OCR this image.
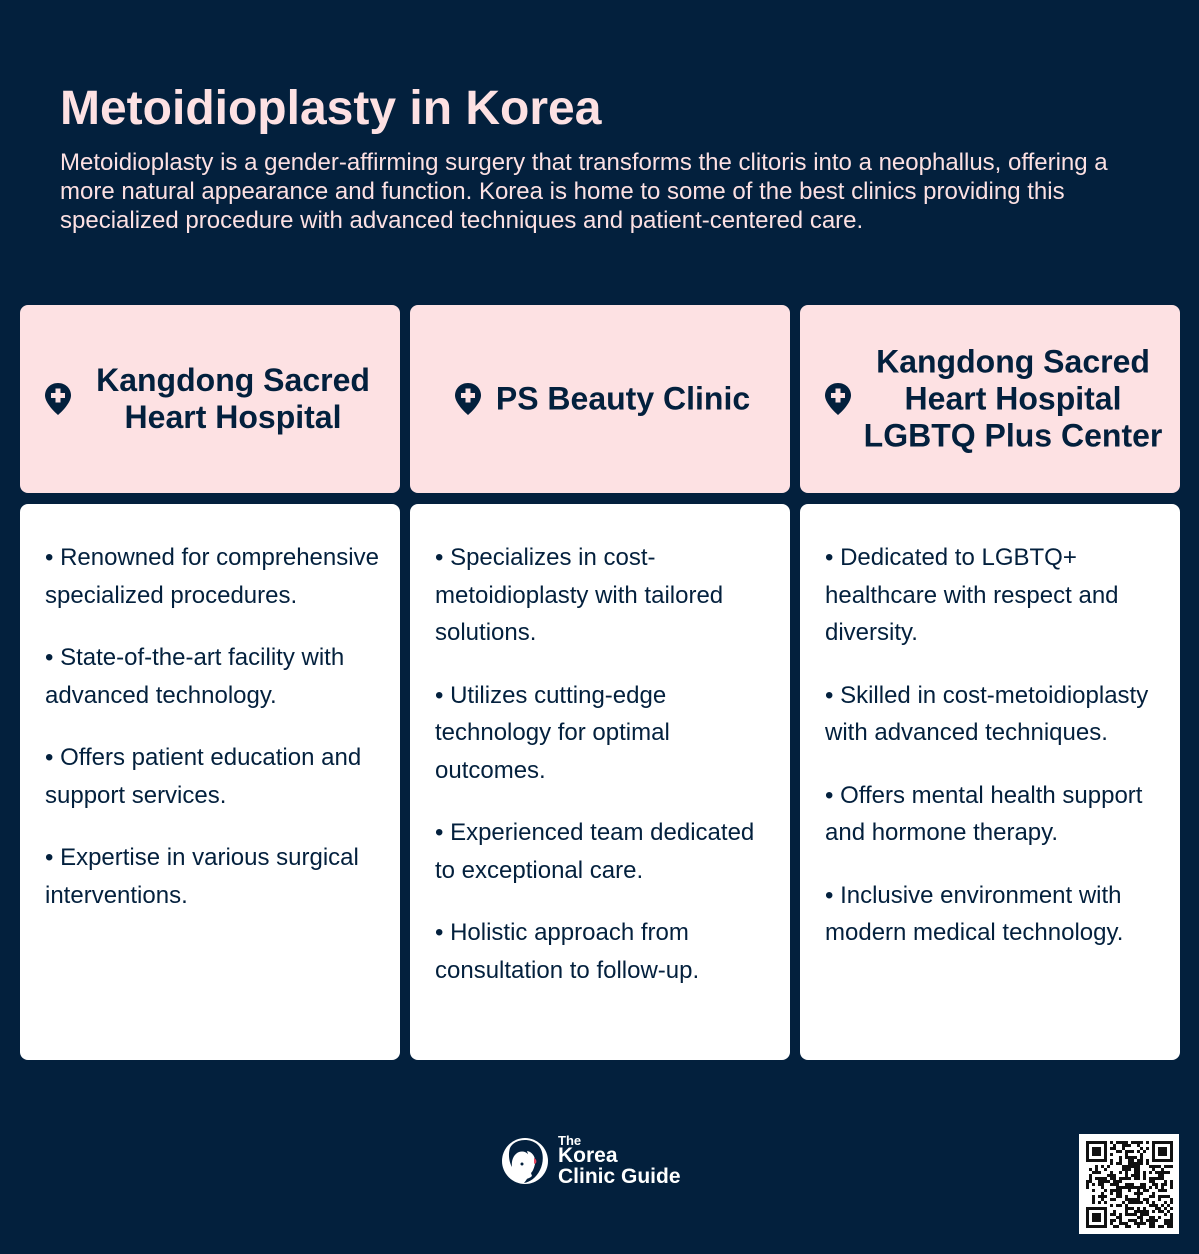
Metoidioplasty in Korea

Metoidioplasty is a gender-affirming surgery that transforms the clitoris into a neophallus, offering a more natural appearance and function. Korea is home to some of the best clinics providing this specialized procedure with advanced techniques and patient-centered care.

Kangdong Sacred Heart Hospital
• Renowned for comprehensive specialized procedures.
• State-of-the-art facility with advanced technology.
• Offers patient education and support services.
• Expertise in various surgical interventions.
PS Beauty Clinic
• Specializes in cost-metoidioplasty with tailored solutions.
• Utilizes cutting-edge technology for optimal outcomes.
• Experienced team dedicated to exceptional care.
• Holistic approach from consultation to follow-up.
Kangdong Sacred Heart Hospital LGBTQ Plus Center
• Dedicated to LGBTQ+ healthcare with respect and diversity.
• Skilled in cost-metoidioplasty with advanced techniques.
• Offers mental health support and hormone therapy.
• Inclusive environment with modern medical technology.
The
Korea
Clinic Guide
